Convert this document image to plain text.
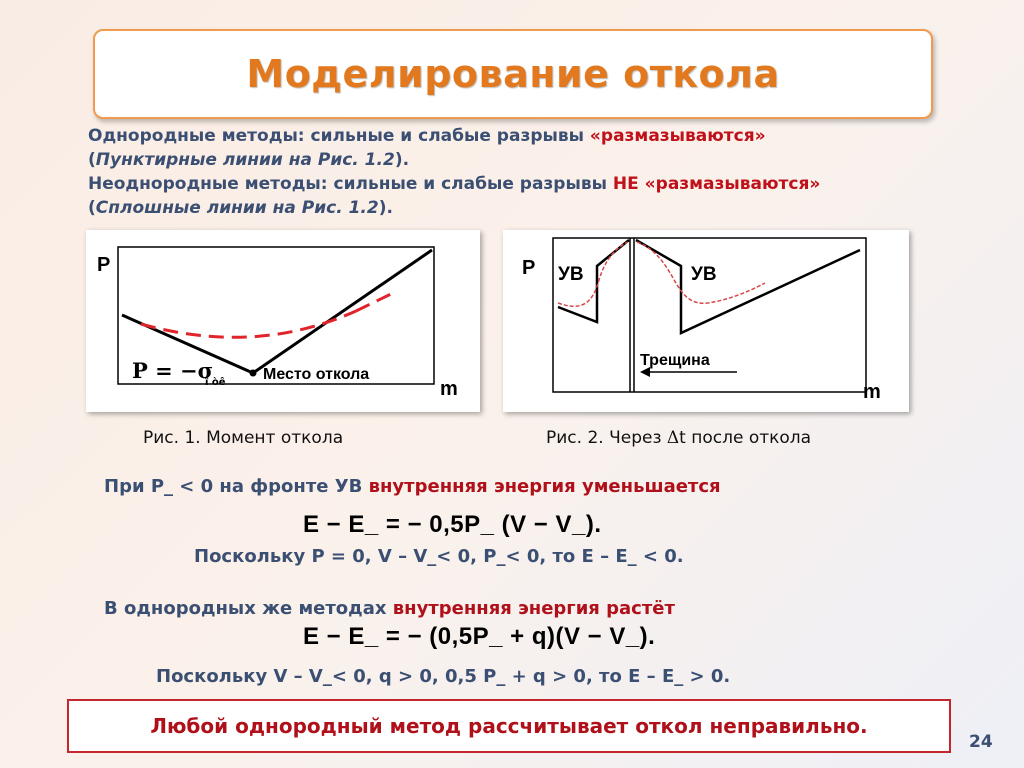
Моделирование откола
Однородные методы: сильные и слабые разрывы «размазываются»
(Пунктирные линии на Рис. 1.2).
Неоднородные методы: сильные и слабые разрывы НЕ «размазываются»
(Сплошные линии на Рис. 1.2).
P
m
P = −σ
î òê Место откола
Рис. 1. Момент откола
P
m
УВ	УВ
Трещина
Рис. 2. Через Δt после откола
При P_ < 0 на фронте УВ внутренняя энергия уменьшается
E − E_ = − 0,5P_ (V − V_).
Поскольку P = 0, V – V_< 0, P_< 0, то E – E_ < 0.
В однородных же методах внутренняя энергия растёт
E − E_ = − (0,5P_ + q)(V − V_).
Поскольку V – V_< 0, q > 0, 0,5 P_ + q > 0, то E – E_ > 0.
Любой однородный метод рассчитывает откол неправильно.
24
